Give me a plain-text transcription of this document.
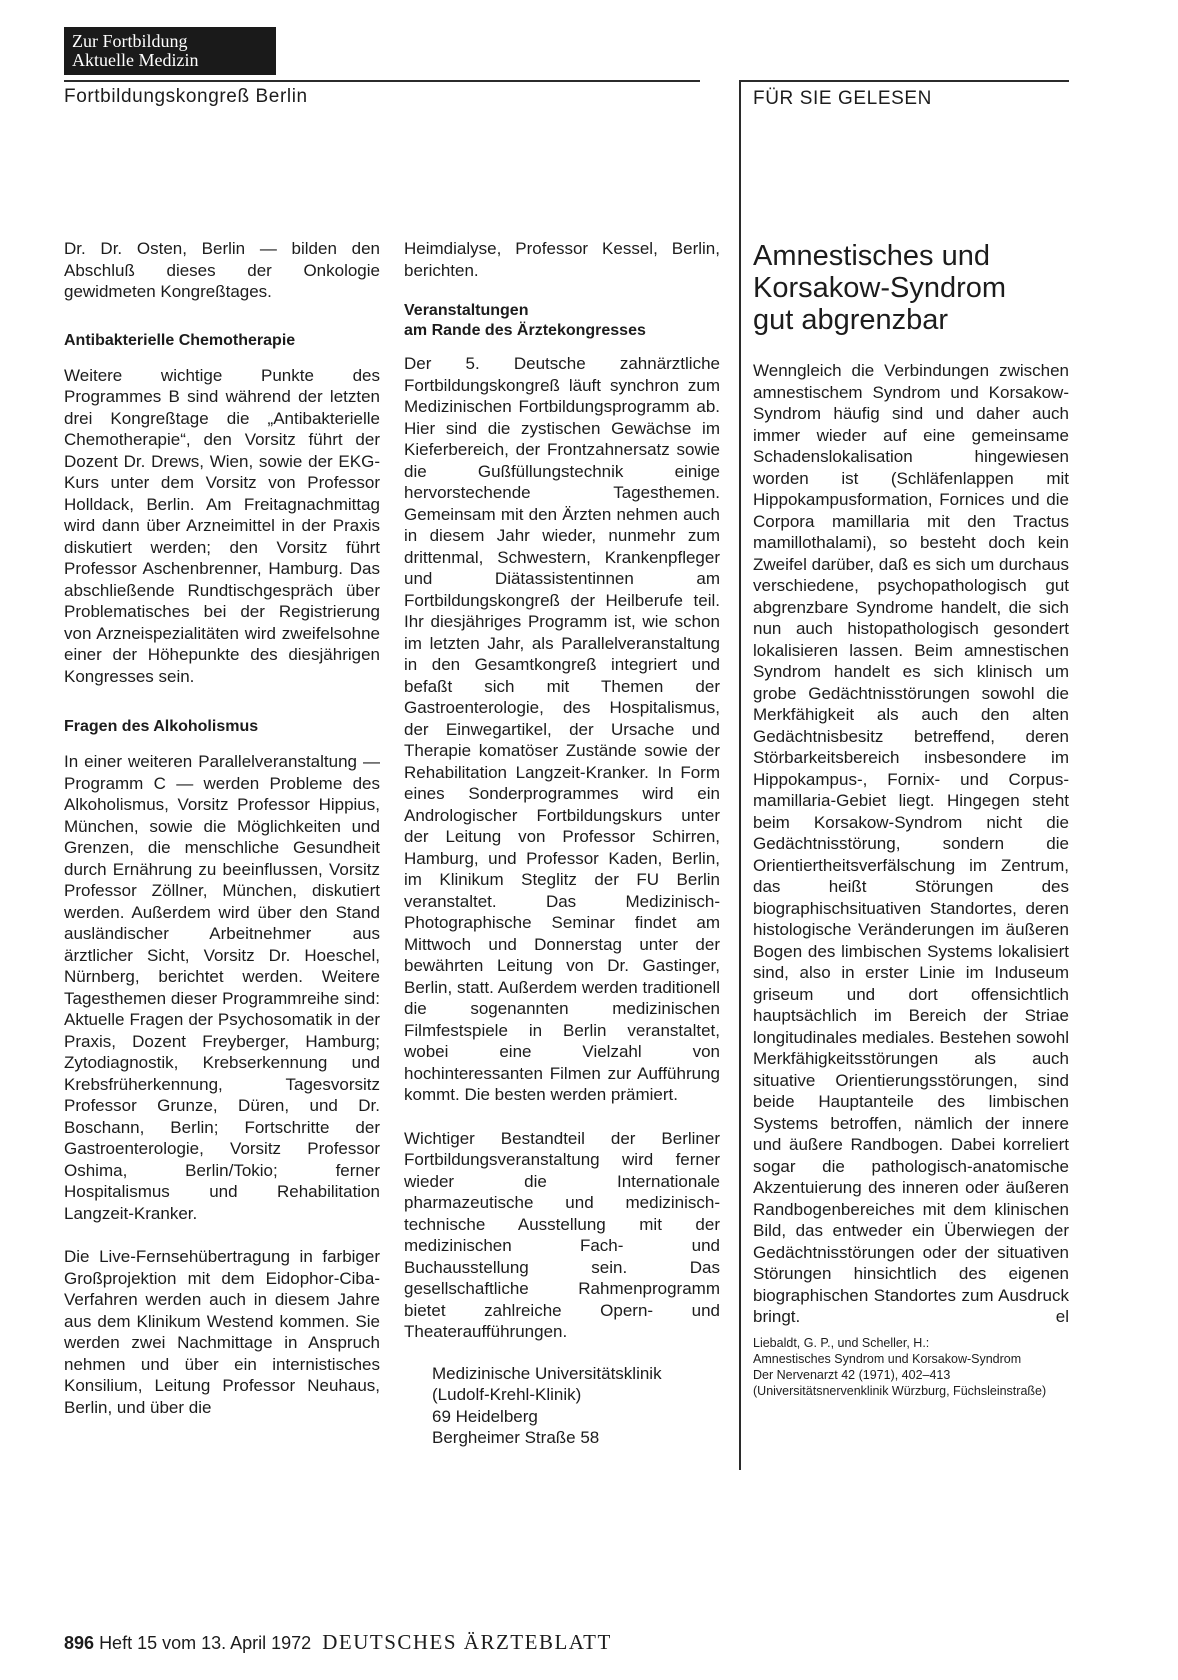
Zur Fortbildung
Aktuelle Medizin
Fortbildungskongreß Berlin	FÜR SIE GELESEN

Dr. Dr. Osten, Berlin — bilden den Abschluß dieses der Onkologie gewidmeten Kongreßtages.

Antibakterielle Chemotherapie

Weitere wichtige Punkte des Programmes B sind während der letzten drei Kongreßtage die „Antibakterielle Chemotherapie“, den Vorsitz führt der Dozent Dr. Drews, Wien, sowie der EKG-Kurs unter dem Vorsitz von Professor Holldack, Berlin. Am Freitagnachmittag wird dann über Arzneimittel in der Praxis diskutiert werden; den Vorsitz führt Professor Aschenbrenner, Hamburg. Das abschließende Rundtischgespräch über Problematisches bei der Registrierung von Arzneispezialitäten wird zweifelsohne einer der Höhepunkte des diesjährigen Kongresses sein.

Fragen des Alkoholismus

In einer weiteren Parallelveranstaltung — Programm C — werden Probleme des Alkoholismus, Vorsitz Professor Hippius, München, sowie die Möglichkeiten und Grenzen, die menschliche Gesundheit durch Ernährung zu beeinflussen, Vorsitz Professor Zöllner, München, diskutiert werden. Außerdem wird über den Stand ausländischer Arbeitnehmer aus ärztlicher Sicht, Vorsitz Dr. Hoeschel, Nürnberg, berichtet werden. Weitere Tagesthemen dieser Programmreihe sind: Aktuelle Fragen der Psychosomatik in der Praxis, Dozent Freyberger, Hamburg; Zytodiagnostik, Krebserkennung und Krebsfrüherkennung, Tagesvorsitz Professor Grunze, Düren, und Dr. Boschann, Berlin; Fortschritte der Gastroenterologie, Vorsitz Professor Oshima, Berlin/Tokio; ferner Hospitalismus und Rehabilitation Langzeit-Kranker.

Die Live-Fernsehübertragung in farbiger Großprojektion mit dem Eidophor-Ciba-Verfahren werden auch in diesem Jahre aus dem Klinikum Westend kommen. Sie werden zwei Nachmittage in Anspruch nehmen und über ein internistisches Konsilium, Leitung Professor Neuhaus, Berlin, und über die

Heimdialyse, Professor Kessel, Berlin, berichten.

Veranstaltungen
am Rande des Ärztekongresses

Der 5. Deutsche zahnärztliche Fortbildungskongreß läuft synchron zum Medizinischen Fortbildungsprogramm ab. Hier sind die zystischen Gewächse im Kieferbereich, der Frontzahnersatz sowie die Gußfüllungstechnik einige hervorstechende Tagesthemen. Gemeinsam mit den Ärzten nehmen auch in diesem Jahr wieder, nunmehr zum drittenmal, Schwestern, Krankenpfleger und Diätassistentinnen am Fortbildungskongreß der Heilberufe teil. Ihr diesjähriges Programm ist, wie schon im letzten Jahr, als Parallelveranstaltung in den Gesamtkongreß integriert und befaßt sich mit Themen der Gastroenterologie, des Hospitalismus, der Einwegartikel, der Ursache und Therapie komatöser Zustände sowie der Rehabilitation Langzeit-Kranker. In Form eines Sonderprogrammes wird ein Andrologischer Fortbildungskurs unter der Leitung von Professor Schirren, Hamburg, und Professor Kaden, Berlin, im Klinikum Steglitz der FU Berlin veranstaltet. Das Medizinisch-Photographische Seminar findet am Mittwoch und Donnerstag unter der bewährten Leitung von Dr. Gastinger, Berlin, statt. Außerdem werden traditionell die sogenannten medizinischen Filmfestspiele in Berlin veranstaltet, wobei eine Vielzahl von hochinteressanten Filmen zur Aufführung kommt. Die besten werden prämiert.

Wichtiger Bestandteil der Berliner Fortbildungsveranstaltung wird ferner wieder die Internationale pharmazeutische und medizinisch-technische Ausstellung mit der medizinischen Fach- und Buchausstellung sein. Das gesellschaftliche Rahmenprogramm bietet zahlreiche Opern- und Theateraufführungen.

Medizinische Universitätsklinik
(Ludolf-Krehl-Klinik)
69 Heidelberg
Bergheimer Straße 58
Amnestisches und
Korsakow-Syndrom
gut abgrenzbar
Wenngleich die Verbindungen zwischen amnestischem Syndrom und Korsakow-Syndrom häufig sind und daher auch immer wieder auf eine gemeinsame Schadenslokalisation hingewiesen worden ist (Schläfenlappen mit Hippokampusformation, Fornices und die Corpora mamillaria mit den Tractus mamillothalami), so besteht doch kein Zweifel darüber, daß es sich um durchaus verschiedene, psychopathologisch gut abgrenzbare Syndrome handelt, die sich nun auch histopathologisch gesondert lokalisieren lassen. Beim amnestischen Syndrom handelt es sich klinisch um grobe Gedächtnisstörungen sowohl die Merkfähigkeit als auch den alten Gedächtnisbesitz betreffend, deren Störbarkeitsbereich insbesondere im Hippokampus-, Fornix- und Corpus-mamillaria-Gebiet liegt. Hingegen steht beim Korsakow-Syndrom nicht die Gedächtnisstörung, sondern die Orientiertheitsverfälschung im Zentrum, das heißt Störungen des biographischsituativen Standortes, deren histologische Veränderungen im äußeren Bogen des limbischen Systems lokalisiert sind, also in erster Linie im Induseum griseum und dort offensichtlich hauptsächlich im Bereich der Striae longitudinales mediales. Bestehen sowohl Merkfähigkeitsstörungen als auch situative Orientierungsstörungen, sind beide Hauptanteile des limbischen Systems betroffen, nämlich der innere und äußere Randbogen. Dabei korreliert sogar die pathologisch-anatomische Akzentuierung des inneren oder äußeren Randbogenbereiches mit dem klinischen Bild, das entweder ein Überwiegen der Gedächtnisstörungen oder der situativen Störungen hinsichtlich des eigenen biographischen Standortes zum Ausdruck bringt.	el
Liebaldt, G. P., und Scheller, H.:
Amnestisches Syndrom und Korsakow-Syndrom
Der Nervenarzt 42 (1971), 402–413
(Universitätsnervenklinik Würzburg, Füchsleinstraße)
896 Heft 15 vom 13. April 1972 DEUTSCHES ÄRZTEBLATT
